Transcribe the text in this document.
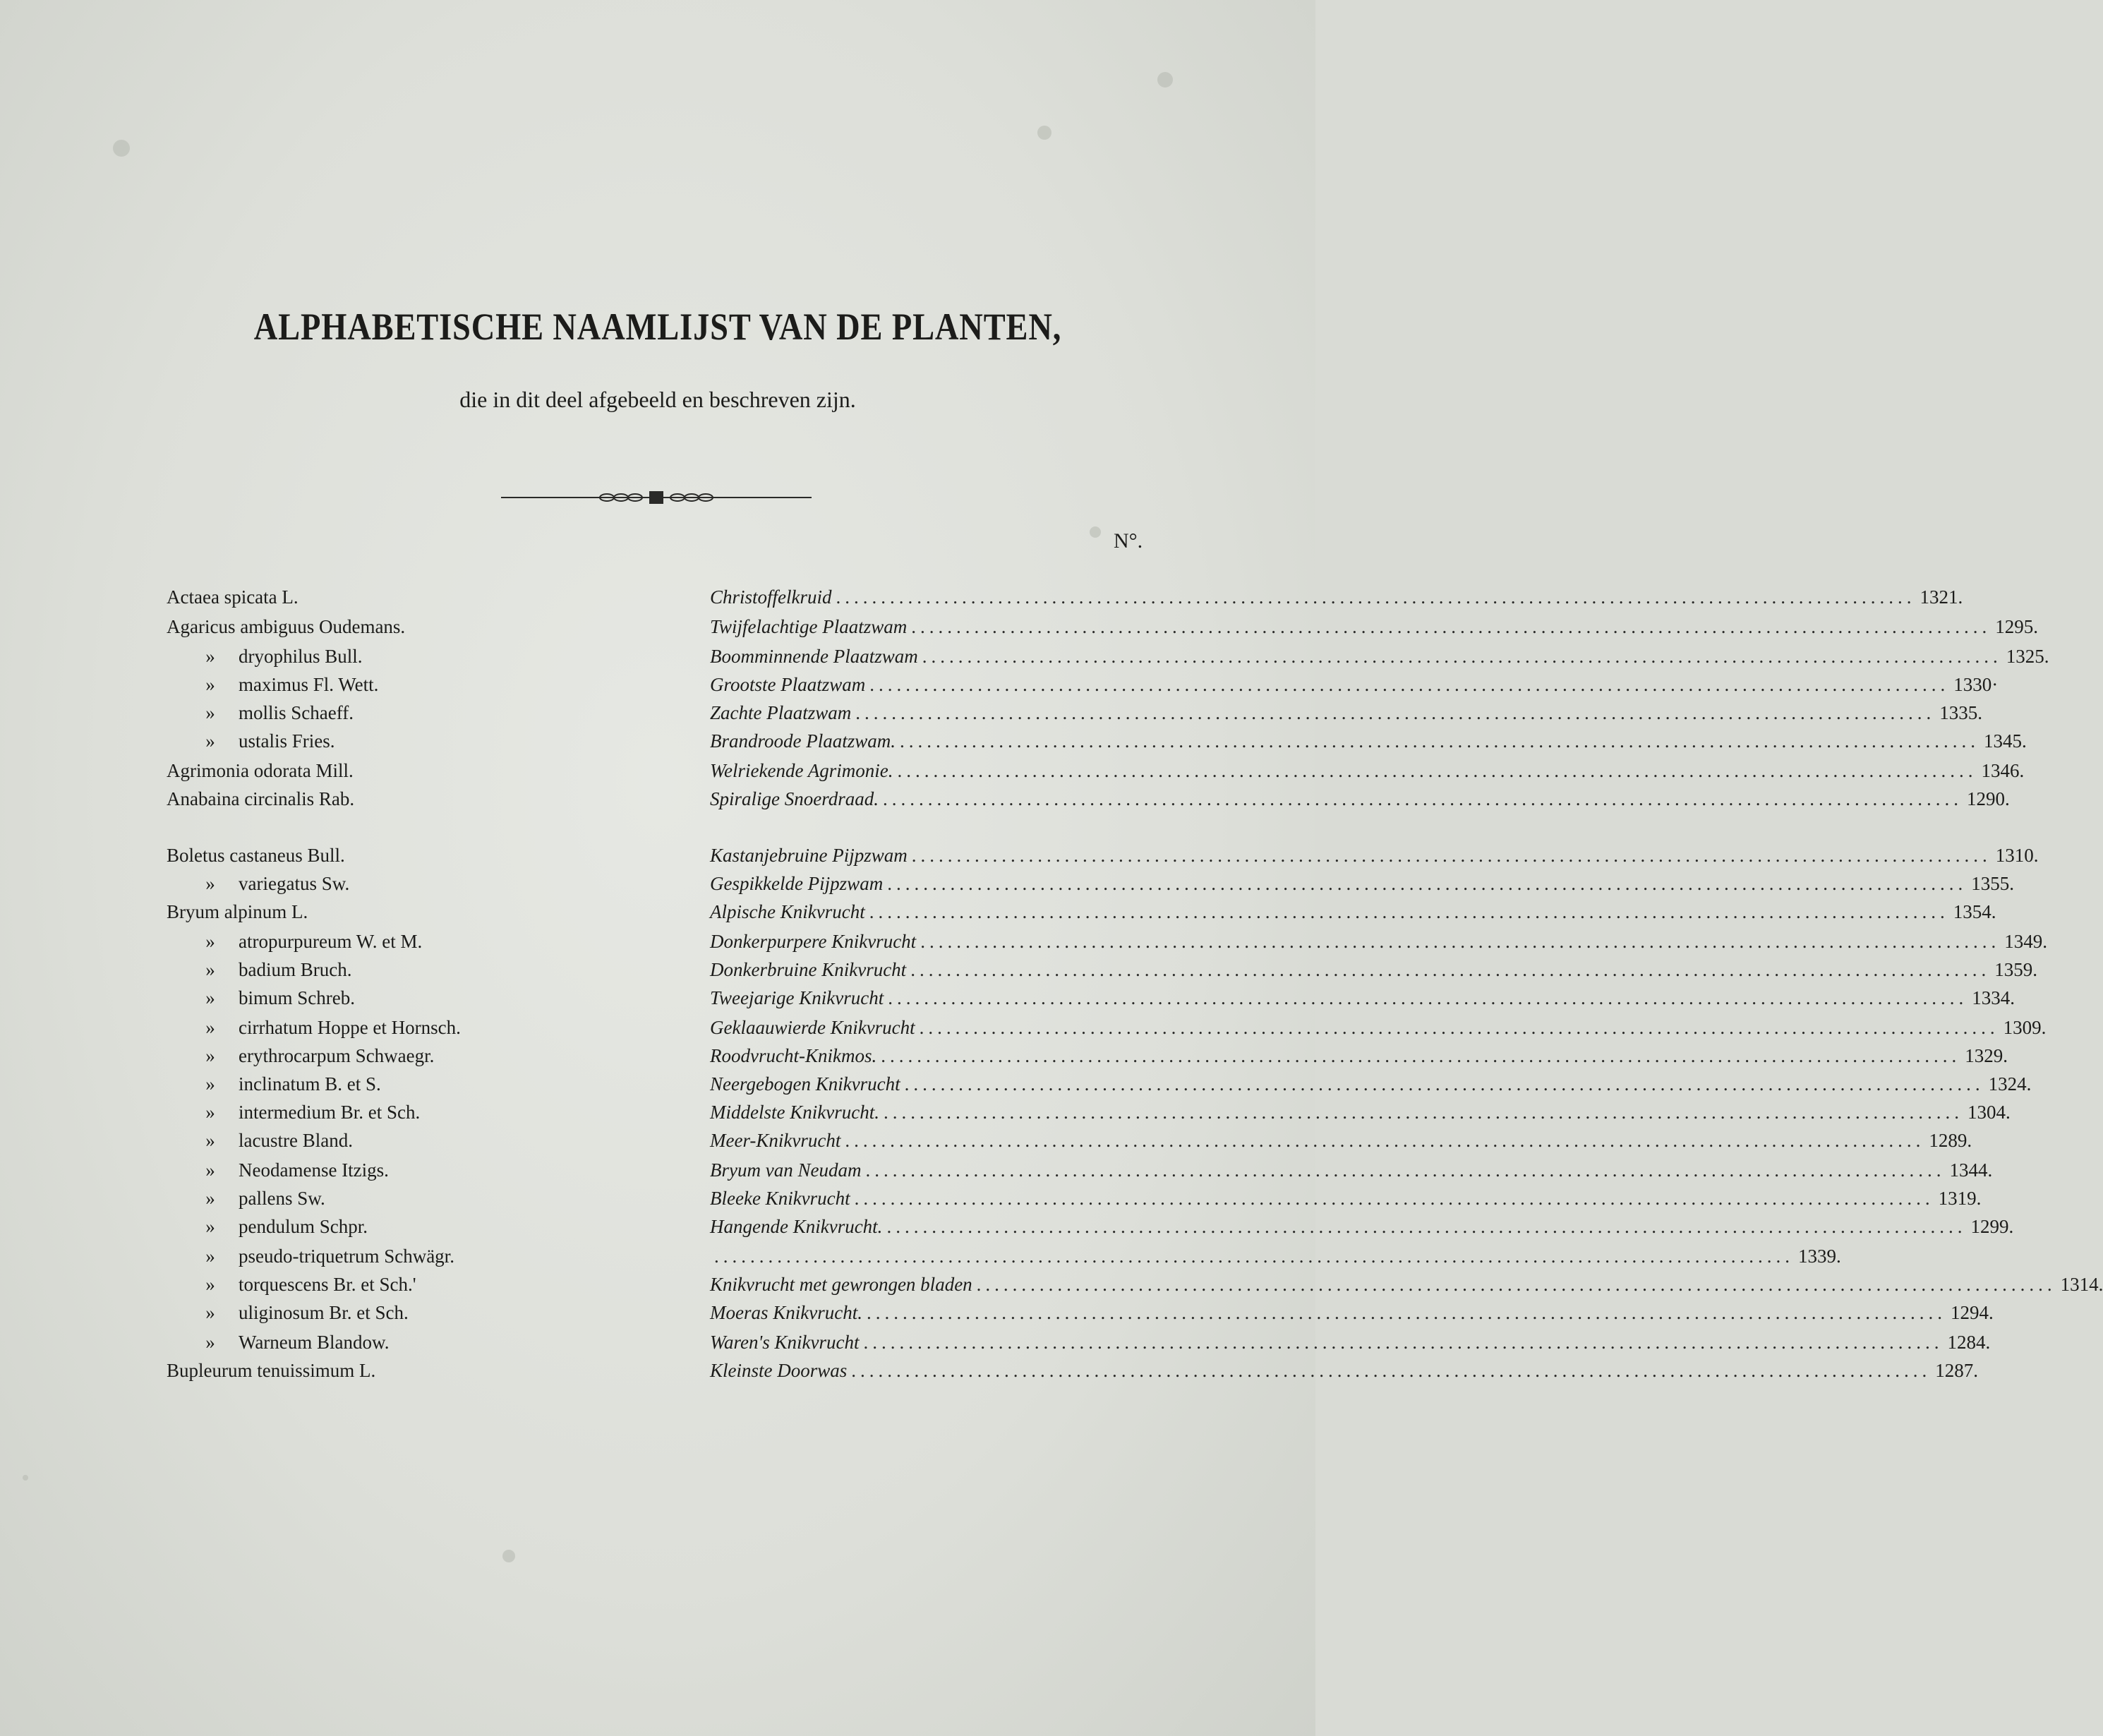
ALPHABETISCHE NAAMLIJST VAN DE PLANTEN,
die in dit deel afgebeeld en beschreven zijn.
N°.
Actaea spicata L.	Christoffelkruid ........................................................................................................................ 1321.
Agaricus ambiguus Oudemans.	Twijfelachtige Plaatzwam ........................................................................................................................ 1295.
» dryophilus Bull.	Boomminnende Plaatzwam ........................................................................................................................ 1325.
» maximus Fl. Wett.	Grootste Plaatzwam ........................................................................................................................ 1330·
» mollis Schaeff.	Zachte Plaatzwam ........................................................................................................................ 1335.
» ustalis Fries.	Brandroode Plaatzwam. ........................................................................................................................ 1345.
Agrimonia odorata Mill.	Welriekende Agrimonie. ........................................................................................................................ 1346.
Anabaina circinalis Rab.	Spiralige Snoerdraad. ........................................................................................................................ 1290.
Boletus castaneus Bull.	Kastanjebruine Pijpzwam ........................................................................................................................ 1310.
» variegatus Sw.	Gespikkelde Pijpzwam ........................................................................................................................ 1355.
Bryum alpinum L.	Alpische Knikvrucht ........................................................................................................................ 1354.
» atropurpureum W. et M.	Donkerpurpere Knikvrucht ........................................................................................................................ 1349.
» badium Bruch.	Donkerbruine Knikvrucht ........................................................................................................................ 1359.
» bimum Schreb.	Tweejarige Knikvrucht ........................................................................................................................ 1334.
» cirrhatum Hoppe et Hornsch.	Geklaauwierde Knikvrucht ........................................................................................................................ 1309.
» erythrocarpum Schwaegr.	Roodvrucht-Knikmos. ........................................................................................................................ 1329.
» inclinatum B. et S.	Neergebogen Knikvrucht ........................................................................................................................ 1324.
» intermedium Br. et Sch.	Middelste Knikvrucht. ........................................................................................................................ 1304.
» lacustre Bland.	Meer-Knikvrucht ........................................................................................................................ 1289.
» Neodamense Itzigs.	Bryum van Neudam ........................................................................................................................ 1344.
» pallens Sw.	Bleeke Knikvrucht ........................................................................................................................ 1319.
» pendulum Schpr.	Hangende Knikvrucht. ........................................................................................................................ 1299.
» pseudo-triquetrum Schwägr.	........................................................................................................................ 1339.
» torquescens Br. et Sch.'	Knikvrucht met gewrongen bladen ........................................................................................................................ 1314.
» uliginosum Br. et Sch.	Moeras Knikvrucht. ........................................................................................................................ 1294.
» Warneum Blandow.	Waren's Knikvrucht ........................................................................................................................ 1284.
Bupleurum tenuissimum L.	Kleinste Doorwas ........................................................................................................................ 1287.
